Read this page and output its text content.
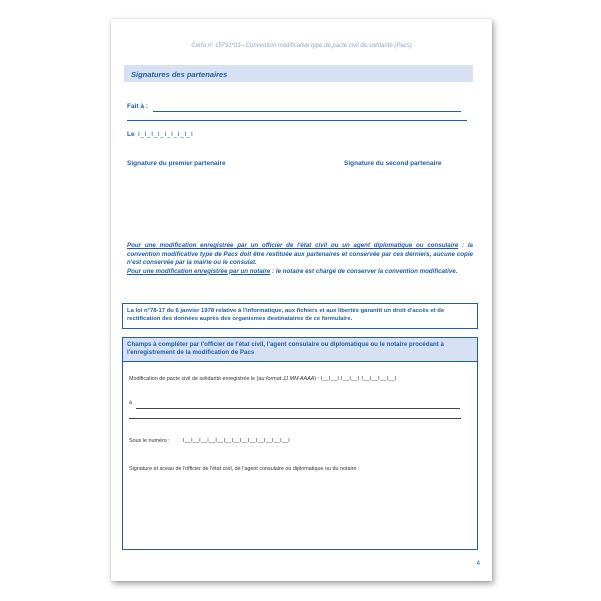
Cerfa n° 15791*01– Convention modificative type de pacte civil de solidarité (Pacs)
Signatures des partenaires
Fait à :
Le I_I_I_I_I_I_I_I_I
Signature du premier partenaire	Signature du second partenaire
Pour une modification enregistrée par un officier de l'état civil ou un agent diplomatique ou consulaire : la convention modificative type de Pacs doit être restituée aux partenaires et conservée par ces derniers, aucune copie n'est conservée par la mairie ou le consulat.
Pour une modification enregistrée par un notaire : le notaire est chargé de conserver la convention modificative.
La loi n°78-17 du 6 janvier 1978 relative à l'informatique, aux fichiers et aux libertés garantit un droit d'accès et de rectification des données auprès des organismes destinataires de ce formulaire.
Champs à compléter par l'officier de l'état civil, l'agent consulaire ou diplomatique ou le notaire procédant à l'enregistrement de la modification de Pacs
Modification de pacte civil de solidarité enregistrée le (au format JJ MM AAAA) : I__I__I I__I__I I__I__I__I__I
à
Sous le numéro : I__I__I__I__I__I__I__I__I__I__I__I__I__I
Signature et sceau de l'officier de l'état civil, de l'agent consulaire ou diplomatique ou du notaire :
4
